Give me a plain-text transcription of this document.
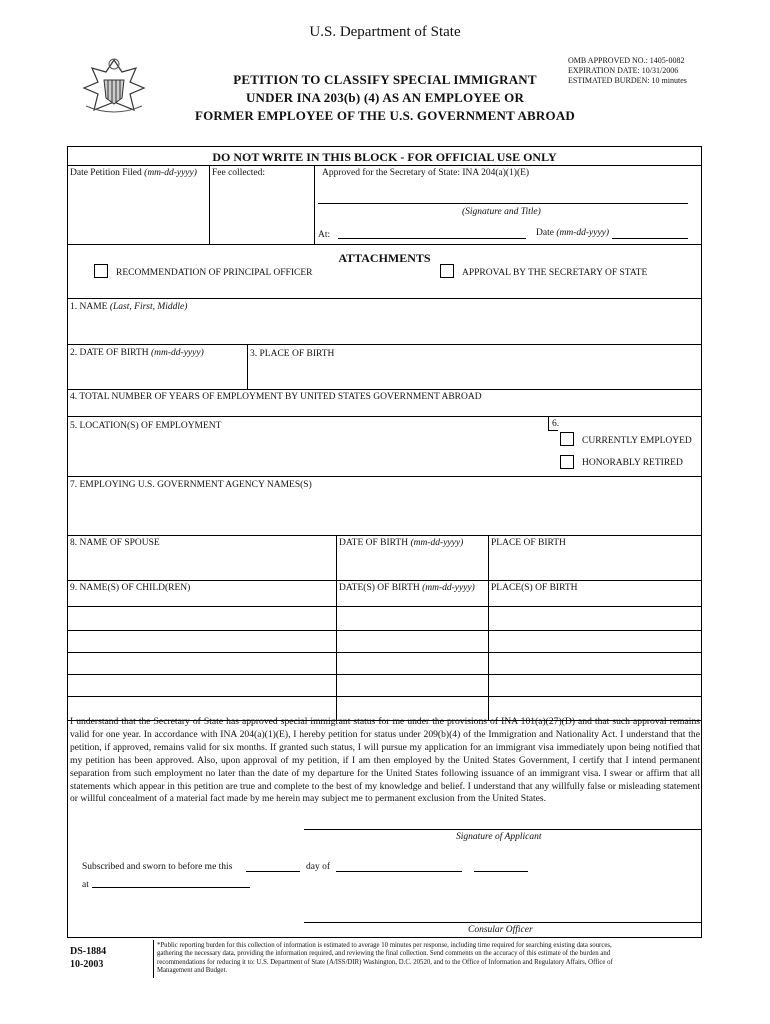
U.S. Department of State
PETITION TO CLASSIFY SPECIAL IMMIGRANT
UNDER INA 203(b) (4) AS AN EMPLOYEE OR
FORMER EMPLOYEE OF THE U.S. GOVERNMENT ABROAD
OMB APPROVED NO.: 1405-0082
EXPIRATION DATE: 10/31/2006
ESTIMATED BURDEN: 10 minutes
DO NOT WRITE IN THIS BLOCK - FOR OFFICIAL USE ONLY
Date Petition Filed (mm-dd-yyyy) Fee collected:	Approved for the Secretary of State: INA 204(a)(1)(E)
(Signature and Title)
At:	Date (mm-dd-yyyy)
ATTACHMENTS
RECOMMENDATION OF PRINCIPAL OFFICER	APPROVAL BY THE SECRETARY OF STATE
1. NAME (Last, First, Middle)
2. DATE OF BIRTH (mm-dd-yyyy)	3. PLACE OF BIRTH
4. TOTAL NUMBER OF YEARS OF EMPLOYMENT BY UNITED STATES GOVERNMENT ABROAD
5. LOCATION(S) OF EMPLOYMENT	6.
CURRENTLY EMPLOYED
HONORABLY RETIRED
7. EMPLOYING U.S. GOVERNMENT AGENCY NAMES(S)
8. NAME OF SPOUSE	DATE OF BIRTH (mm-dd-yyyy)	PLACE OF BIRTH
9. NAME(S) OF CHILD(REN)	DATE(S) OF BIRTH (mm-dd-yyyy) PLACE(S) OF BIRTH
I understand that the Secretary of State has approved special immigrant status for me under the provisions of INA 101(a)(27)(D) and that such approval remains valid for one year. In accordance with INA 204(a)(1)(E), I hereby petition for status under 209(b)(4) of the Immigration and Nationality Act. I understand that the petition, if approved, remains valid for six months. If granted such status, I will pursue my application for an immigrant visa immediately upon being notified that my petition has been approved. Also, upon approval of my petition, if I am then employed by the United States Government, I certify that I intend permanent separation from such employment no later than the date of my departure for the United States following issuance of an immigrant visa. I swear or affirm that all statements which appear in this petition are true and complete to the best of my knowledge and belief. I understand that any willfully false or misleading statement or willful concealment of a material fact made by me herein may subject me to permanent exclusion from the United States.
Signature of Applicant
Subscribed and sworn to before me this	day of
at
Consular Officer
DS-1884
10-2003
*Public reporting burden for this collection of information is estimated to average 10 minutes per response, including time required for searching existing data sources, gathering the necessary data, providing the information required, and reviewing the final collection. Send comments on the accuracy of this estimate of the burden and recommendations for reducing it to: U.S. Department of State (A/ISS/DIR) Washington, D.C. 20520, and to the Office of Information and Regulatory Affairs, Office of Management and Budget.
